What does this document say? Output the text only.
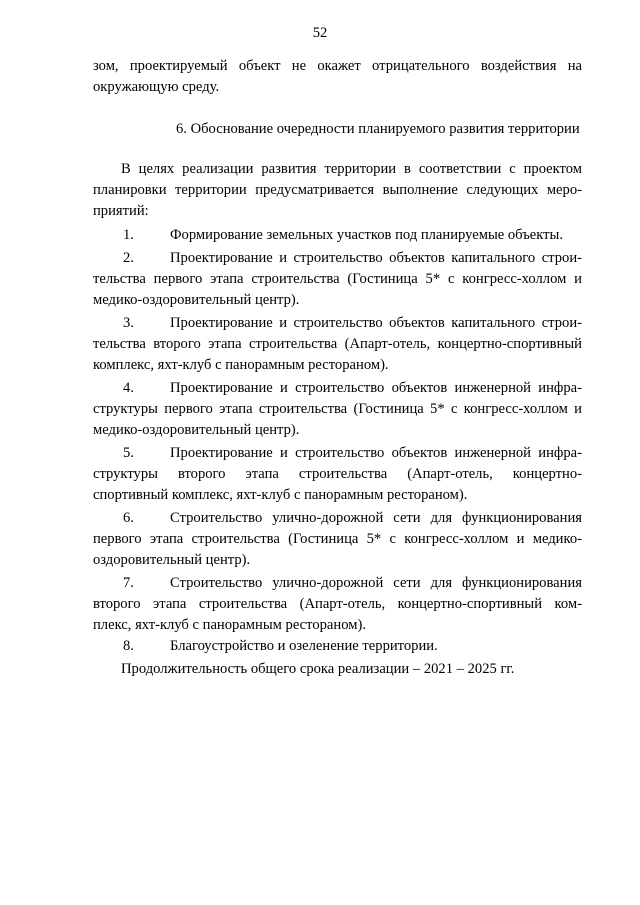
52
зом, проектируемый объект не окажет отрицательного воздействия на
окружающую среду.
6. Обоснование очередности планируемого развития территории
В целях реализации развития территории в соответствии с проектом
планировки территории предусматривается выполнение следующих меро-
приятий:
1. Формирование земельных участков под планируемые объекты.
2. Проектирование и строительство объектов капитального строи-
тельства первого этапа строительства (Гостиница 5* с конгресс-холлом и
медико-оздоровительный центр).
3. Проектирование и строительство объектов капитального строи-
тельства второго этапа строительства (Апарт-отель, концертно-спортивный
комплекс, яхт-клуб с панорамным рестораном).
4. Проектирование и строительство объектов инженерной инфра-
структуры первого этапа строительства (Гостиница 5* с конгресс-холлом и
медико-оздоровительный центр).
5. Проектирование и строительство объектов инженерной инфра-
структуры второго этапа строительства (Апарт-отель, концертно-
спортивный комплекс, яхт-клуб с панорамным рестораном).
6. Строительство улично-дорожной сети для функционирования
первого этапа строительства (Гостиница 5* с конгресс-холлом и медико-
оздоровительный центр).
7. Строительство улично-дорожной сети для функционирования
второго этапа строительства (Апарт-отель, концертно-спортивный ком-
плекс, яхт-клуб с панорамным рестораном).
8. Благоустройство и озеленение территории.
Продолжительность общего срока реализации – 2021 – 2025 гг.
